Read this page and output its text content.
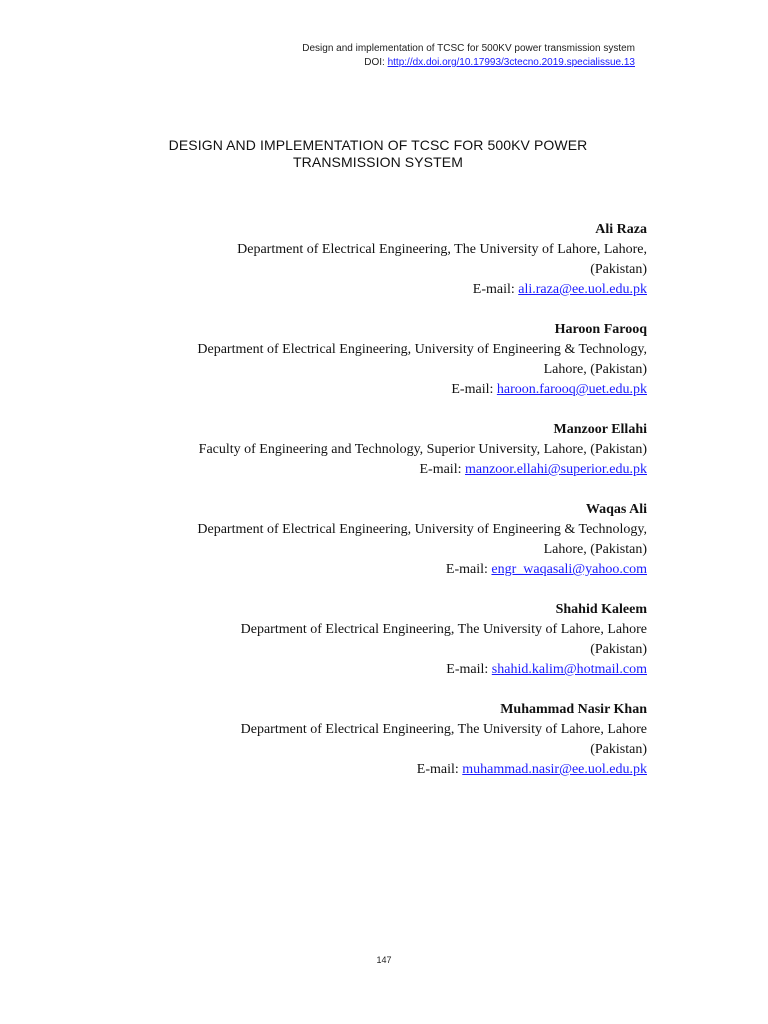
Design and implementation of TCSC for 500KV power transmission system
DOI: http://dx.doi.org/10.17993/3ctecno.2019.specialissue.13
DESIGN AND IMPLEMENTATION OF TCSC FOR 500KV POWER
TRANSMISSION SYSTEM
Ali Raza
Department of Electrical Engineering, The University of Lahore, Lahore,
(Pakistan)
E-mail: ali.raza@ee.uol.edu.pk
Haroon Farooq
Department of Electrical Engineering, University of Engineering & Technology,
Lahore, (Pakistan)
E-mail: haroon.farooq@uet.edu.pk
Manzoor Ellahi
Faculty of Engineering and Technology, Superior University, Lahore, (Pakistan)
E-mail: manzoor.ellahi@superior.edu.pk
Waqas Ali
Department of Electrical Engineering, University of Engineering & Technology,
Lahore, (Pakistan)
E-mail: engr_waqasali@yahoo.com
Shahid Kaleem
Department of Electrical Engineering, The University of Lahore, Lahore
(Pakistan)
E-mail: shahid.kalim@hotmail.com
Muhammad Nasir Khan
Department of Electrical Engineering, The University of Lahore, Lahore
(Pakistan)
E-mail: muhammad.nasir@ee.uol.edu.pk
147
